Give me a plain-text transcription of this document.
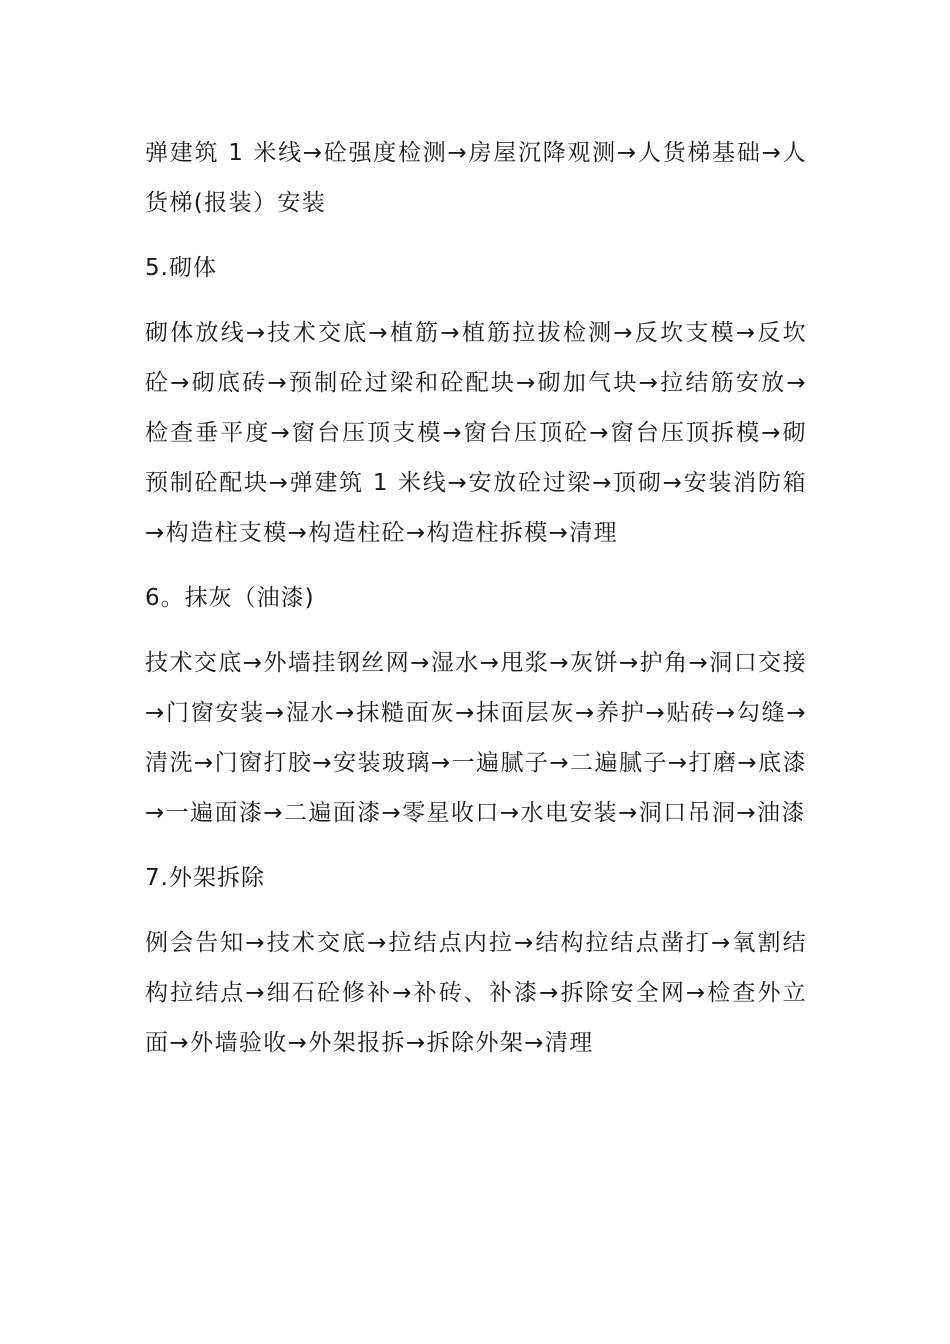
弹建筑 1 米线→砼强度检测→房屋沉降观测→人货梯基础→人货梯(报装）安装

5.砌体

砌体放线→技术交底→植筋→植筋拉拔检测→反坎支模→反坎砼→砌底砖→预制砼过梁和砼配块→砌加气块→拉结筋安放→检查垂平度→窗台压顶支模→窗台压顶砼→窗台压顶拆模→砌预制砼配块→弹建筑 1 米线→安放砼过梁→顶砌→安装消防箱→构造柱支模→构造柱砼→构造柱拆模→清理

6。抹灰（油漆)

技术交底→外墙挂钢丝网→湿水→甩浆→灰饼→护角→洞口交接→门窗安装→湿水→抹糙面灰→抹面层灰→养护→贴砖→勾缝→清洗→门窗打胶→安装玻璃→一遍腻子→二遍腻子→打磨→底漆→一遍面漆→二遍面漆→零星收口→水电安装→洞口吊洞→油漆

7.外架拆除

例会告知→技术交底→拉结点内拉→结构拉结点凿打→氧割结构拉结点→细石砼修补→补砖、补漆→拆除安全网→检查外立面→外墙验收→外架报拆→拆除外架→清理
